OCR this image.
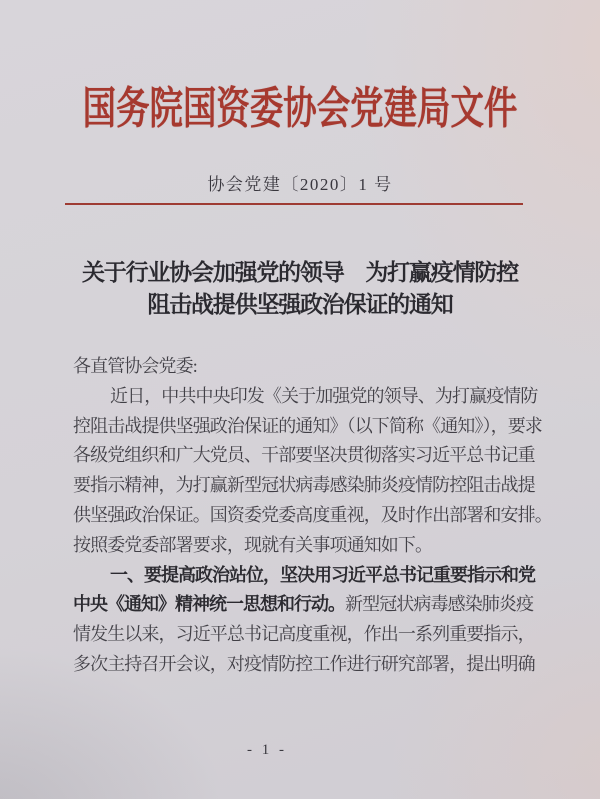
国务院国资委协会党建局文件
协会党建〔2020〕1 号
关于行业协会加强党的领导　为打赢疫情防控
阻击战提供坚强政治保证的通知
各直管协会党委:
近日，中共中央印发《关于加强党的领导、为打赢疫情防
控阻击战提供坚强政治保证的通知》（以下简称《通知》），要求
各级党组织和广大党员、干部要坚决贯彻落实习近平总书记重
要指示精神，为打赢新型冠状病毒感染肺炎疫情防控阻击战提
供坚强政治保证。国资委党委高度重视，及时作出部署和安排。
按照委党委部署要求，现就有关事项通知如下。
一、要提高政治站位，坚决用习近平总书记重要指示和党
中央《通知》精神统一思想和行动。新型冠状病毒感染肺炎疫
情发生以来，习近平总书记高度重视，作出一系列重要指示，
多次主持召开会议，对疫情防控工作进行研究部署，提出明确
- 1 -
